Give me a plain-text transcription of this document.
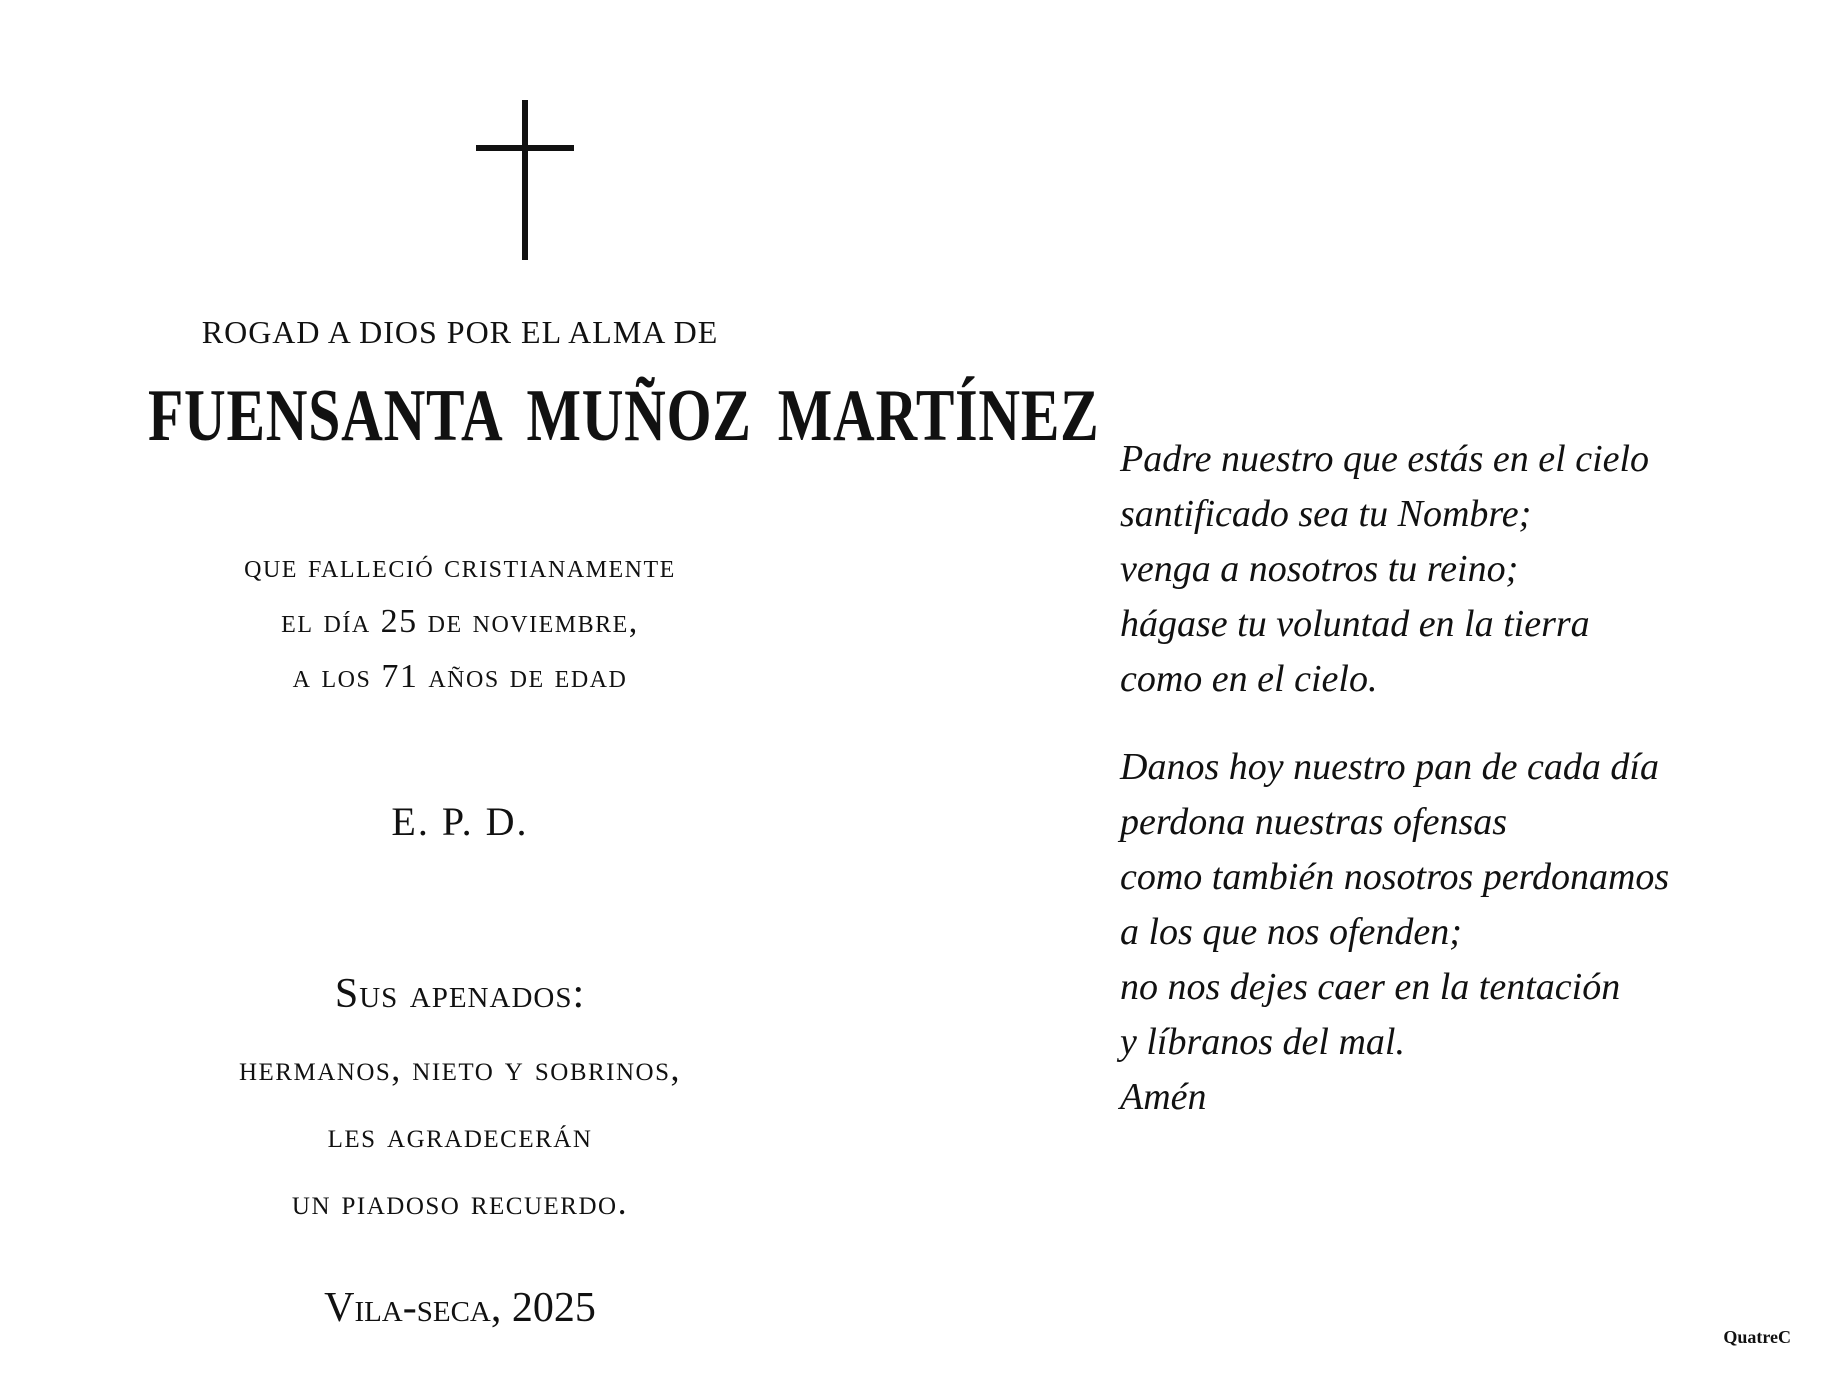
ROGAD A DIOS POR EL ALMA DE
FUENSANTA MUÑOZ MARTÍNEZ
que falleció cristianamente
el día 25 de noviembre,
a los 71 años de edad
E. P. D.
Sus apenados:
hermanos, nieto y sobrinos,
les agradecerán
un piadoso recuerdo.
Vila-seca, 2025
Padre nuestro que estás en el cielo
santificado sea tu Nombre;
venga a nosotros tu reino;
hágase tu voluntad en la tierra
como en el cielo.
Danos hoy nuestro pan de cada día
perdona nuestras ofensas
como también nosotros perdonamos
a los que nos ofenden;
no nos dejes caer en la tentación
y líbranos del mal.
Amén
QuatreC
